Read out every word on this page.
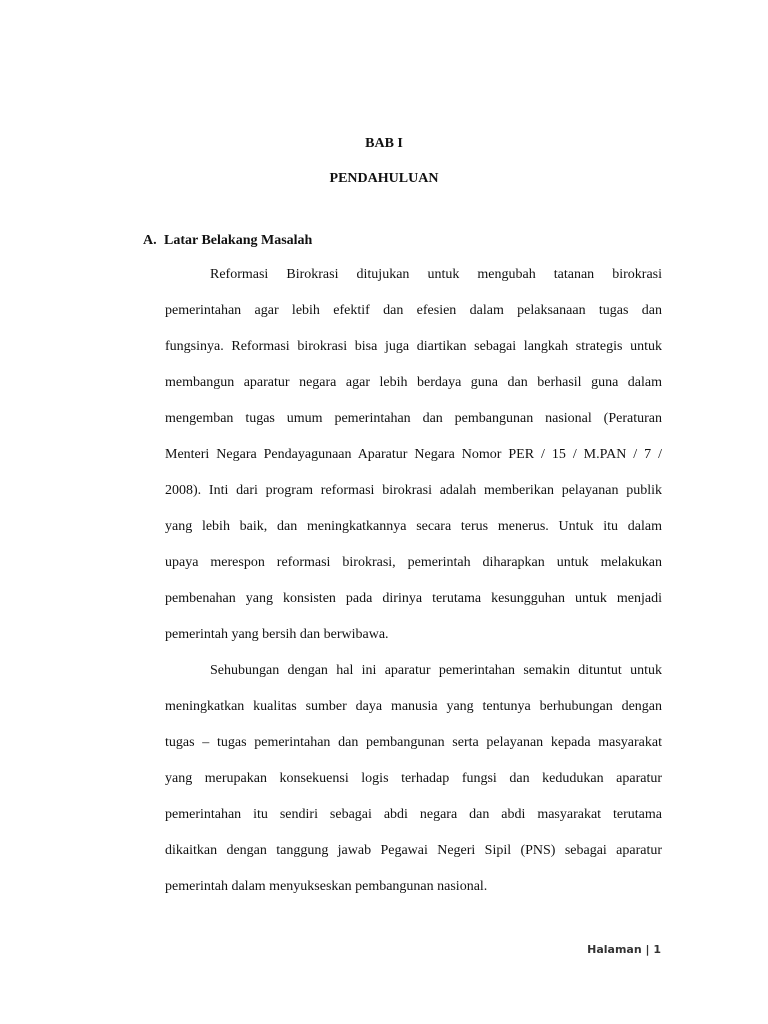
BAB I
PENDAHULUAN
A. Latar Belakang Masalah
Reformasi Birokrasi ditujukan untuk mengubah tatanan birokrasi
pemerintahan agar lebih efektif dan efesien dalam pelaksanaan tugas dan
fungsinya. Reformasi birokrasi bisa juga diartikan sebagai langkah strategis untuk
membangun aparatur negara agar lebih berdaya guna dan berhasil guna dalam
mengemban tugas umum pemerintahan dan pembangunan nasional (Peraturan
Menteri Negara Pendayagunaan Aparatur Negara Nomor PER / 15 / M.PAN / 7 /
2008). Inti dari program reformasi birokrasi adalah memberikan pelayanan publik
yang lebih baik, dan meningkatkannya secara terus menerus. Untuk itu dalam
upaya merespon reformasi birokrasi, pemerintah diharapkan untuk melakukan
pembenahan yang konsisten pada dirinya terutama kesungguhan untuk menjadi
pemerintah yang bersih dan berwibawa.
Sehubungan dengan hal ini aparatur pemerintahan semakin dituntut untuk
meningkatkan kualitas sumber daya manusia yang tentunya berhubungan dengan
tugas – tugas pemerintahan dan pembangunan serta pelayanan kepada masyarakat
yang merupakan konsekuensi logis terhadap fungsi dan kedudukan aparatur
pemerintahan itu sendiri sebagai abdi negara dan abdi masyarakat terutama
dikaitkan dengan tanggung jawab Pegawai Negeri Sipil (PNS) sebagai aparatur
pemerintah dalam menyukseskan pembangunan nasional.
Halaman | 1
